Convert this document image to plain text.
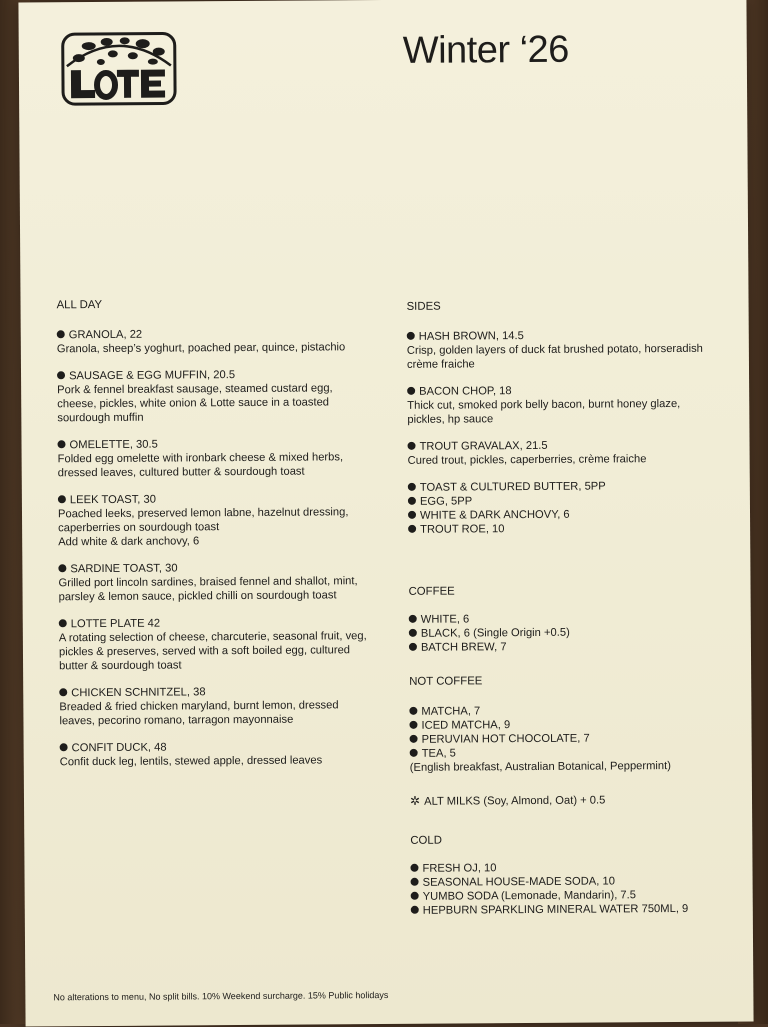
Winter ‘26
ALL DAY
GRANOLA, 22
Granola, sheep’s yoghurt, poached pear, quince, pistachio
SAUSAGE & EGG MUFFIN, 20.5
Pork & fennel breakfast sausage, steamed custard egg,
cheese, pickles, white onion & Lotte sauce in a toasted
sourdough muffin
OMELETTE, 30.5
Folded egg omelette with ironbark cheese & mixed herbs,
dressed leaves, cultured butter & sourdough toast
LEEK TOAST, 30
Poached leeks, preserved lemon labne, hazelnut dressing,
caperberries on sourdough toast
Add white & dark anchovy, 6
SARDINE TOAST, 30
Grilled port lincoln sardines, braised fennel and shallot, mint,
parsley & lemon sauce, pickled chilli on sourdough toast
LOTTE PLATE 42
A rotating selection of cheese, charcuterie, seasonal fruit, veg,
pickles & preserves, served with a soft boiled egg, cultured
butter & sourdough toast
CHICKEN SCHNITZEL, 38
Breaded & fried chicken maryland, burnt lemon, dressed
leaves, pecorino romano, tarragon mayonnaise
CONFIT DUCK, 48
Confit duck leg, lentils, stewed apple, dressed leaves
SIDES
HASH BROWN, 14.5
Crisp, golden layers of duck fat brushed potato, horseradish
crème fraiche
BACON CHOP, 18
Thick cut, smoked pork belly bacon, burnt honey glaze,
pickles, hp sauce
TROUT GRAVALAX, 21.5
Cured trout, pickles, caperberries, crème fraiche
TOAST & CULTURED BUTTER, 5PP
EGG, 5PP
WHITE & DARK ANCHOVY, 6
TROUT ROE, 10
COFFEE
WHITE, 6
BLACK, 6 (Single Origin +0.5)
BATCH BREW, 7
NOT COFFEE
MATCHA, 7
ICED MATCHA, 9
PERUVIAN HOT CHOCOLATE, 7
TEA, 5
(English breakfast, Australian Botanical, Peppermint)
✲ ALT MILKS (Soy, Almond, Oat) + 0.5
COLD
FRESH OJ, 10
SEASONAL HOUSE-MADE SODA, 10
YUMBO SODA (Lemonade, Mandarin), 7.5
HEPBURN SPARKLING MINERAL WATER 750ML, 9
No alterations to menu, No split bills. 10% Weekend surcharge. 15% Public holidays
